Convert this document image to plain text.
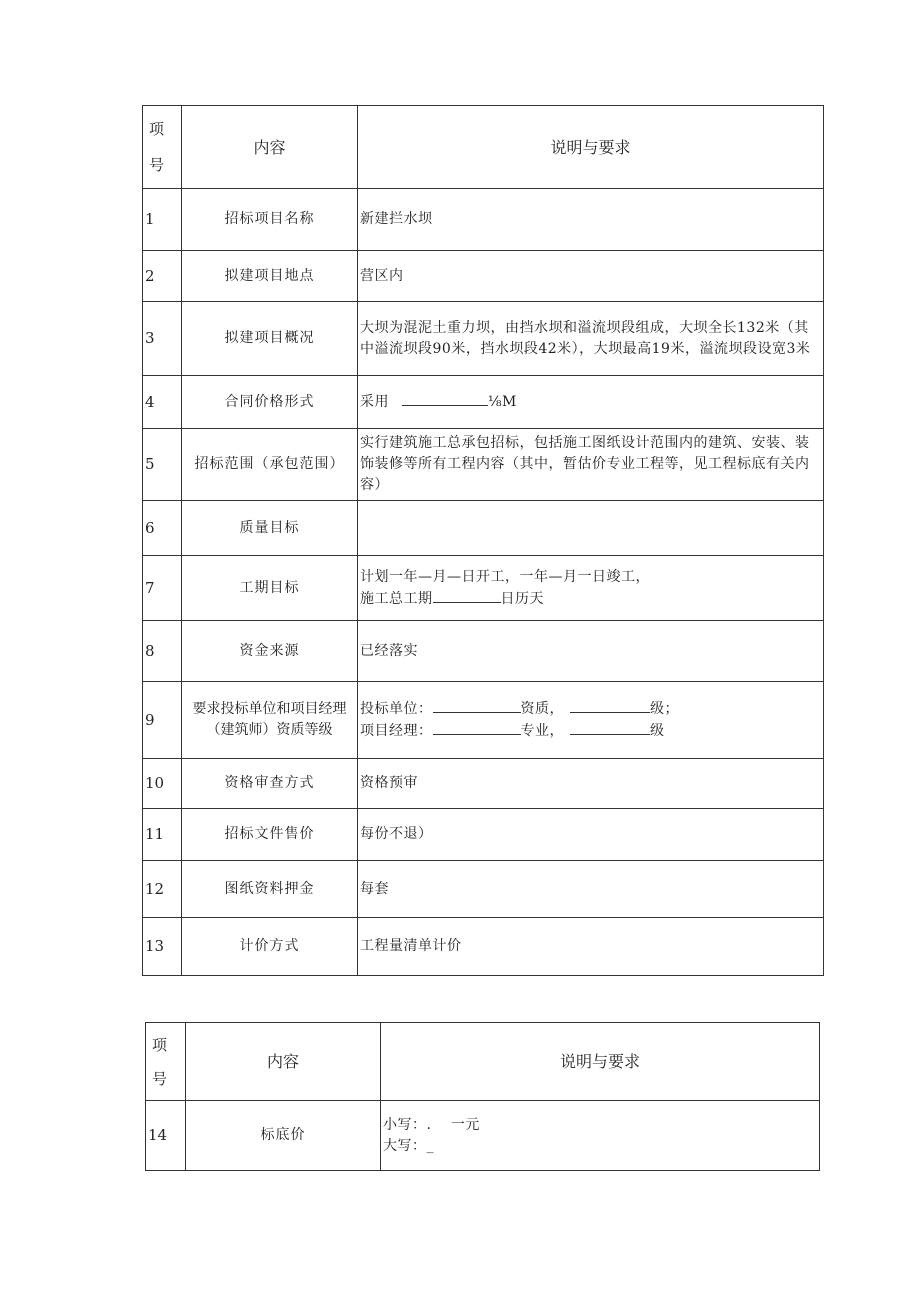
项
号	内容	说明与要求
1	招标项目名称	新建拦水坝
2	拟建项目地点	营区内
3	拟建项目概况	大坝为混泥土重力坝，由挡水坝和溢流坝段组成，大坝全长132米（其中溢流坝段90米，挡水坝段42米），大坝最高19米，溢流坝段设宽3米
4	合同价格形式	采用 ⅛M
5	招标范围（承包范围）	实行建筑施工总承包招标，包括施工图纸设计范围内的建筑、安装、装饰装修等所有工程内容（其中，暂估价专业工程等，见工程标底有关内容）
6	质量目标	
7	工期目标	计划一年—月—日开工，一年—月一日竣工，
施工总工期 日历天

8	资金来源	已经落实
9	要求投标单位和项目经理（建筑师）资质等级	投标单位： 资质， 级；
项目经理： 专业， 级

10	资格审查方式	资格预审
11	招标文件售价	每份不退）
12	图纸资料押金	每套
13	计价方式	工程量清单计价
项
号	内容	说明与要求
14	标底价	小写：.　 一元
大写：_
